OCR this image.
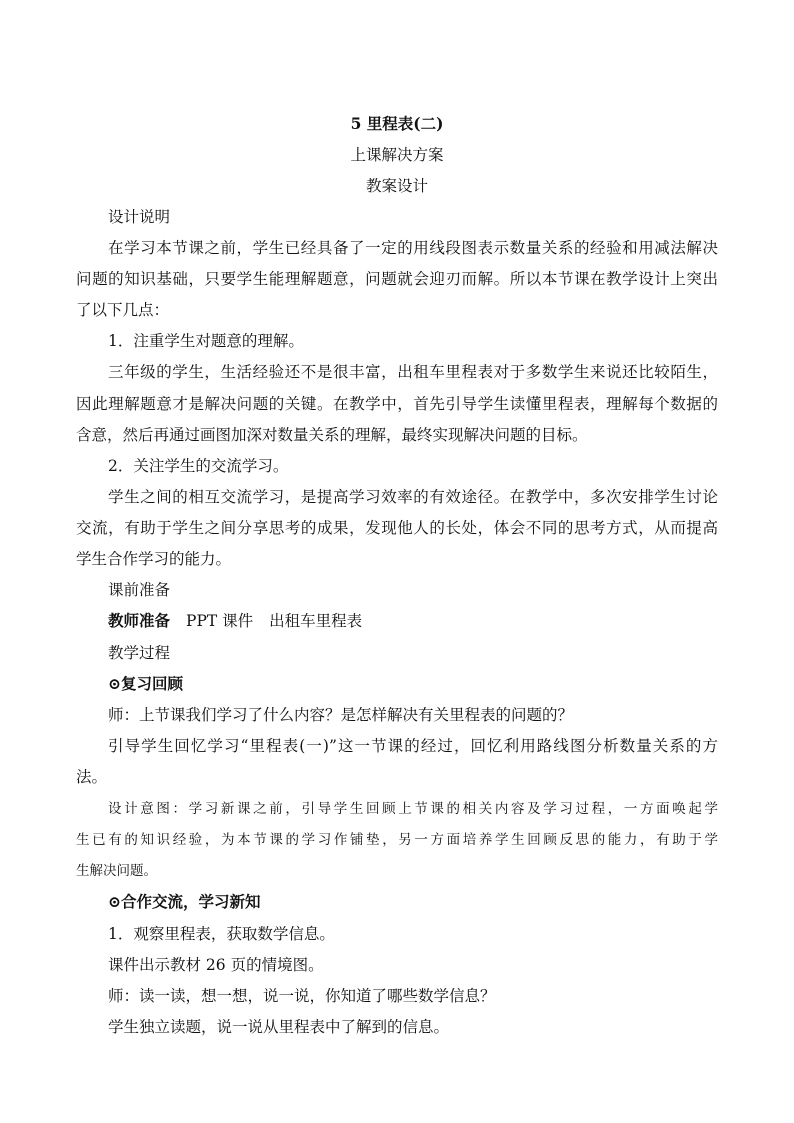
5 里程表(二)
上课解决方案
教案设计
设计说明
在学习本节课之前，学生已经具备了一定的用线段图表示数量关系的经验和用减法解决
问题的知识基础，只要学生能理解题意，问题就会迎刃而解。所以本节课在教学设计上突出
了以下几点：
1．注重学生对题意的理解。
三年级的学生，生活经验还不是很丰富，出租车里程表对于多数学生来说还比较陌生，
因此理解题意才是解决问题的关键。在教学中，首先引导学生读懂里程表，理解每个数据的
含意，然后再通过画图加深对数量关系的理解，最终实现解决问题的目标。
2．关注学生的交流学习。
学生之间的相互交流学习，是提高学习效率的有效途径。在教学中，多次安排学生讨论
交流，有助于学生之间分享思考的成果，发现他人的长处，体会不同的思考方式，从而提高
学生合作学习的能力。
课前准备
教师准备 PPT 课件 出租车里程表
教学过程
⊙复习回顾
师：上节课我们学习了什么内容？是怎样解决有关里程表的问题的？
引导学生回忆学习“里程表(一)”这一节课的经过，回忆利用路线图分析数量关系的方
法。
设计意图：学习新课之前，引导学生回顾上节课的相关内容及学习过程，一方面唤起学
生已有的知识经验，为本节课的学习作铺垫，另一方面培养学生回顾反思的能力，有助于学
生解决问题。
⊙合作交流，学习新知
1．观察里程表，获取数学信息。
课件出示教材 26 页的情境图。
师：读一读，想一想，说一说，你知道了哪些数学信息？
学生独立读题，说一说从里程表中了解到的信息。
